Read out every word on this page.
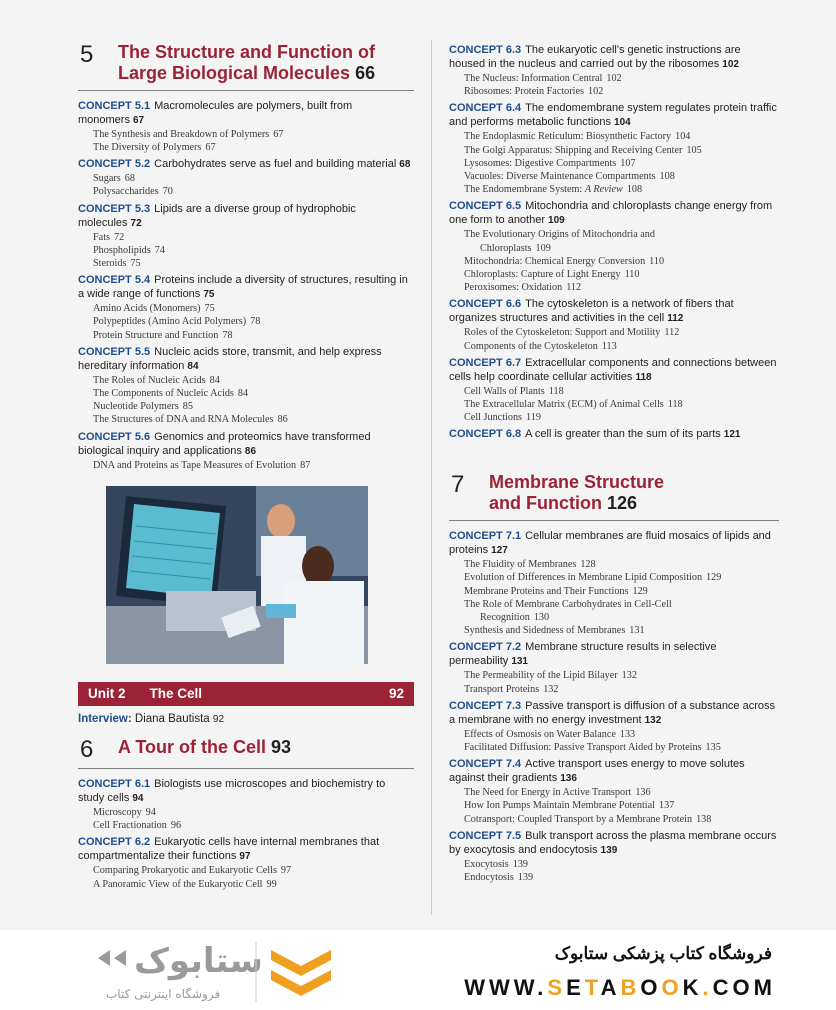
5	The Structure and Function of Large Biological Molecules 66
CONCEPT 5.1 Macromolecules are polymers, built from monomers 67
The Synthesis and Breakdown of Polymers 67
The Diversity of Polymers 67
CONCEPT 5.2 Carbohydrates serve as fuel and building material 68
Sugars 68
Polysaccharides 70
CONCEPT 5.3 Lipids are a diverse group of hydrophobic molecules 72
Fats 72
Phospholipids 74
Steroids 75
CONCEPT 5.4 Proteins include a diversity of structures, resulting in a wide range of functions 75
Amino Acids (Monomers) 75
Polypeptides (Amino Acid Polymers) 78
Protein Structure and Function 78
CONCEPT 5.5 Nucleic acids store, transmit, and help express hereditary information 84
The Roles of Nucleic Acids 84
The Components of Nucleic Acids 84
Nucleotide Polymers 85
The Structures of DNA and RNA Molecules 86
CONCEPT 5.6 Genomics and proteomics have transformed biological inquiry and applications 86
DNA and Proteins as Tape Measures of Evolution 87
Unit 2 The Cell	92
Interview: Diana Bautista 92
6	A Tour of the Cell 93
CONCEPT 6.1 Biologists use microscopes and biochemistry to study cells 94
Microscopy 94
Cell Fractionation 96
CONCEPT 6.2 Eukaryotic cells have internal membranes that compartmentalize their functions 97
Comparing Prokaryotic and Eukaryotic Cells 97
A Panoramic View of the Eukaryotic Cell 99
CONCEPT 6.3 The eukaryotic cell's genetic instructions are housed in the nucleus and carried out by the ribosomes 102
The Nucleus: Information Central 102
Ribosomes: Protein Factories 102
CONCEPT 6.4 The endomembrane system regulates protein traffic and performs metabolic functions 104
The Endoplasmic Reticulum: Biosynthetic Factory 104
The Golgi Apparatus: Shipping and Receiving Center 105
Lysosomes: Digestive Compartments 107
Vacuoles: Diverse Maintenance Compartments 108
The Endomembrane System: A Review 108
CONCEPT 6.5 Mitochondria and chloroplasts change energy from one form to another 109
The Evolutionary Origins of Mitochondria and
Chloroplasts 109
Mitochondria: Chemical Energy Conversion 110
Chloroplasts: Capture of Light Energy 110
Peroxisomes: Oxidation 112
CONCEPT 6.6 The cytoskeleton is a network of fibers that organizes structures and activities in the cell 112
Roles of the Cytoskeleton: Support and Motility 112
Components of the Cytoskeleton 113
CONCEPT 6.7 Extracellular components and connections between cells help coordinate cellular activities 118
Cell Walls of Plants 118
The Extracellular Matrix (ECM) of Animal Cells 118
Cell Junctions 119
CONCEPT 6.8 A cell is greater than the sum of its parts 121
7	Membrane Structure and Function 126
CONCEPT 7.1 Cellular membranes are fluid mosaics of lipids and proteins 127
The Fluidity of Membranes 128
Evolution of Differences in Membrane Lipid Composition 129
Membrane Proteins and Their Functions 129
The Role of Membrane Carbohydrates in Cell-Cell
Recognition 130
Synthesis and Sidedness of Membranes 131
CONCEPT 7.2 Membrane structure results in selective permeability 131
The Permeability of the Lipid Bilayer 132
Transport Proteins 132
CONCEPT 7.3 Passive transport is diffusion of a substance across a membrane with no energy investment 132
Effects of Osmosis on Water Balance 133
Facilitated Diffusion: Passive Transport Aided by Proteins 135
CONCEPT 7.4 Active transport uses energy to move solutes against their gradients 136
The Need for Energy in Active Transport 136
How Ion Pumps Maintain Membrane Potential 137
Cotransport: Coupled Transport by a Membrane Protein 138
CONCEPT 7.5 Bulk transport across the plasma membrane occurs by exocytosis and endocytosis 139
Exocytosis 139
Endocytosis 139
ستابوک
فروشگاه اینترنتی کتاب
فروشگاه کتاب پزشکی ستابوک
WWW.SETABOOK.COM
